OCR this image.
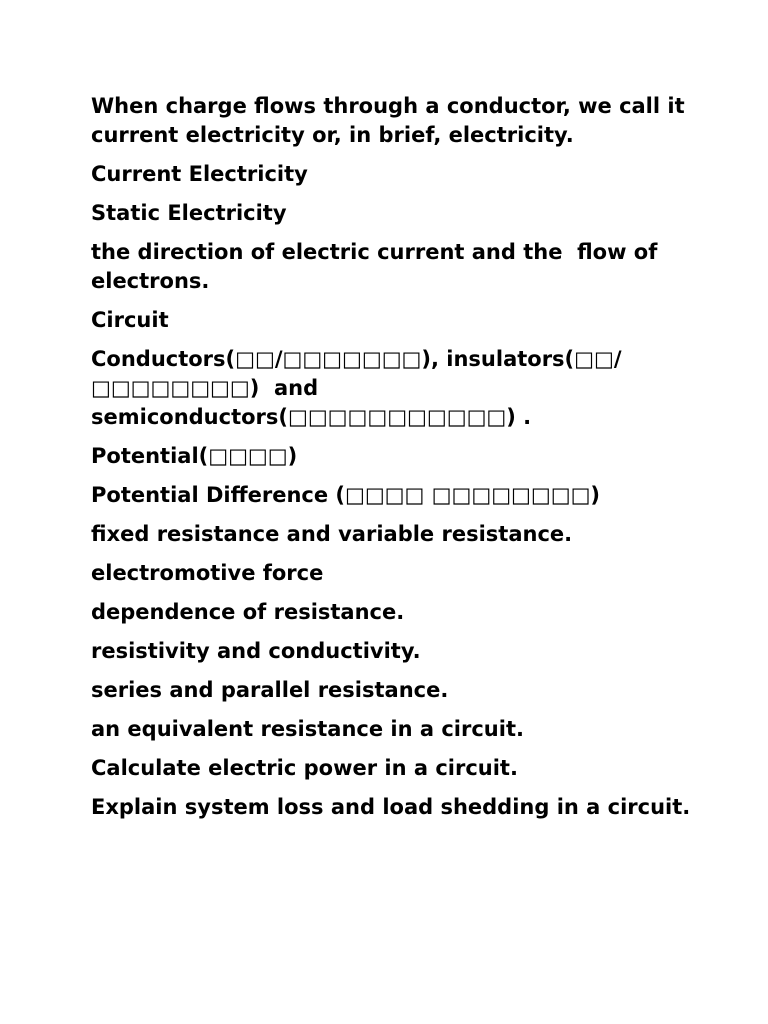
When charge flows through a conductor, we call it current electricity or, in brief, electricity.

Current Electricity

Static Electricity

the direction of electric current and the  flow of electrons.

Circuit

Conductors(□□/□□□□□□□), insulators(□□/□□□□□□□□)  and semiconductors(□□□□□□□□□□□) .

Potential(□□□□)

Potential Difference (□□□□ □□□□□□□□)

fixed resistance and variable resistance.

electromotive force

dependence of resistance.

resistivity and conductivity.

series and parallel resistance.

an equivalent resistance in a circuit.

Calculate electric power in a circuit.

Explain system loss and load shedding in a circuit.
